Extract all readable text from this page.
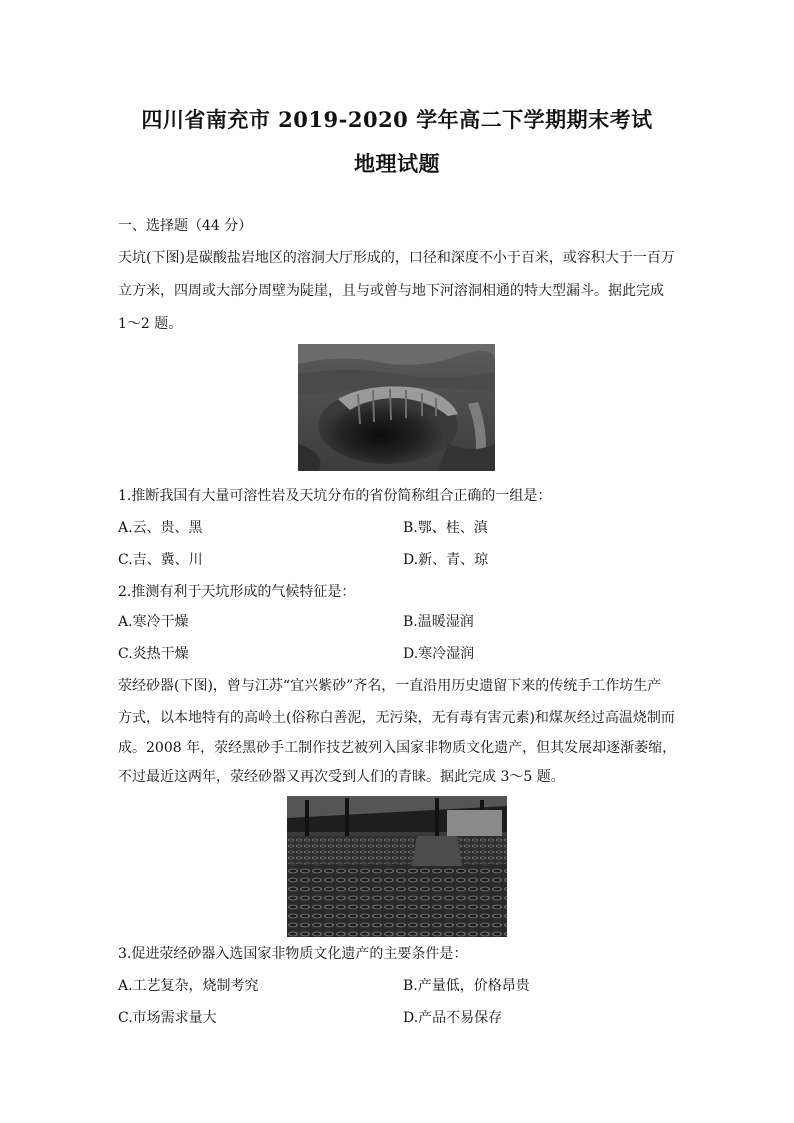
四川省南充市 2019-2020 学年高二下学期期末考试
地理试题
一、选择题（44 分）
天坑(下图)是碳酸盐岩地区的溶洞大厅形成的，口径和深度不小于百米，或容积大于一百万
立方米，四周或大部分周壁为陡崖，且与或曾与地下河溶洞相通的特大型漏斗。据此完成
1～2 题。
1.推断我国有大量可溶性岩及天坑分布的省份简称组合正确的一组是：
A.云、贵、黑	B.鄂、桂、滇
C.吉、冀、川	D.新、青、琼
2.推测有利于天坑形成的气候特征是：
A.寒冷干燥	B.温暖湿润
C.炎热干燥	D.寒冷湿润
荥经砂器(下图)，曾与江苏“宜兴紫砂”齐名，一直沿用历史遗留下来的传统手工作坊生产
方式，以本地特有的高岭土(俗称白善泥，无污染，无有毒有害元素)和煤灰经过高温烧制而
成。2008 年，荥经黑砂手工制作技艺被列入国家非物质文化遗产，但其发展却逐渐萎缩，
不过最近这两年，荥经砂器又再次受到人们的青睐。据此完成 3～5 题。
3.促进荥经砂器入选国家非物质文化遗产的主要条件是：
A.工艺复杂，烧制考究	B.产量低，价格昂贵
C.市场需求量大	D.产品不易保存
